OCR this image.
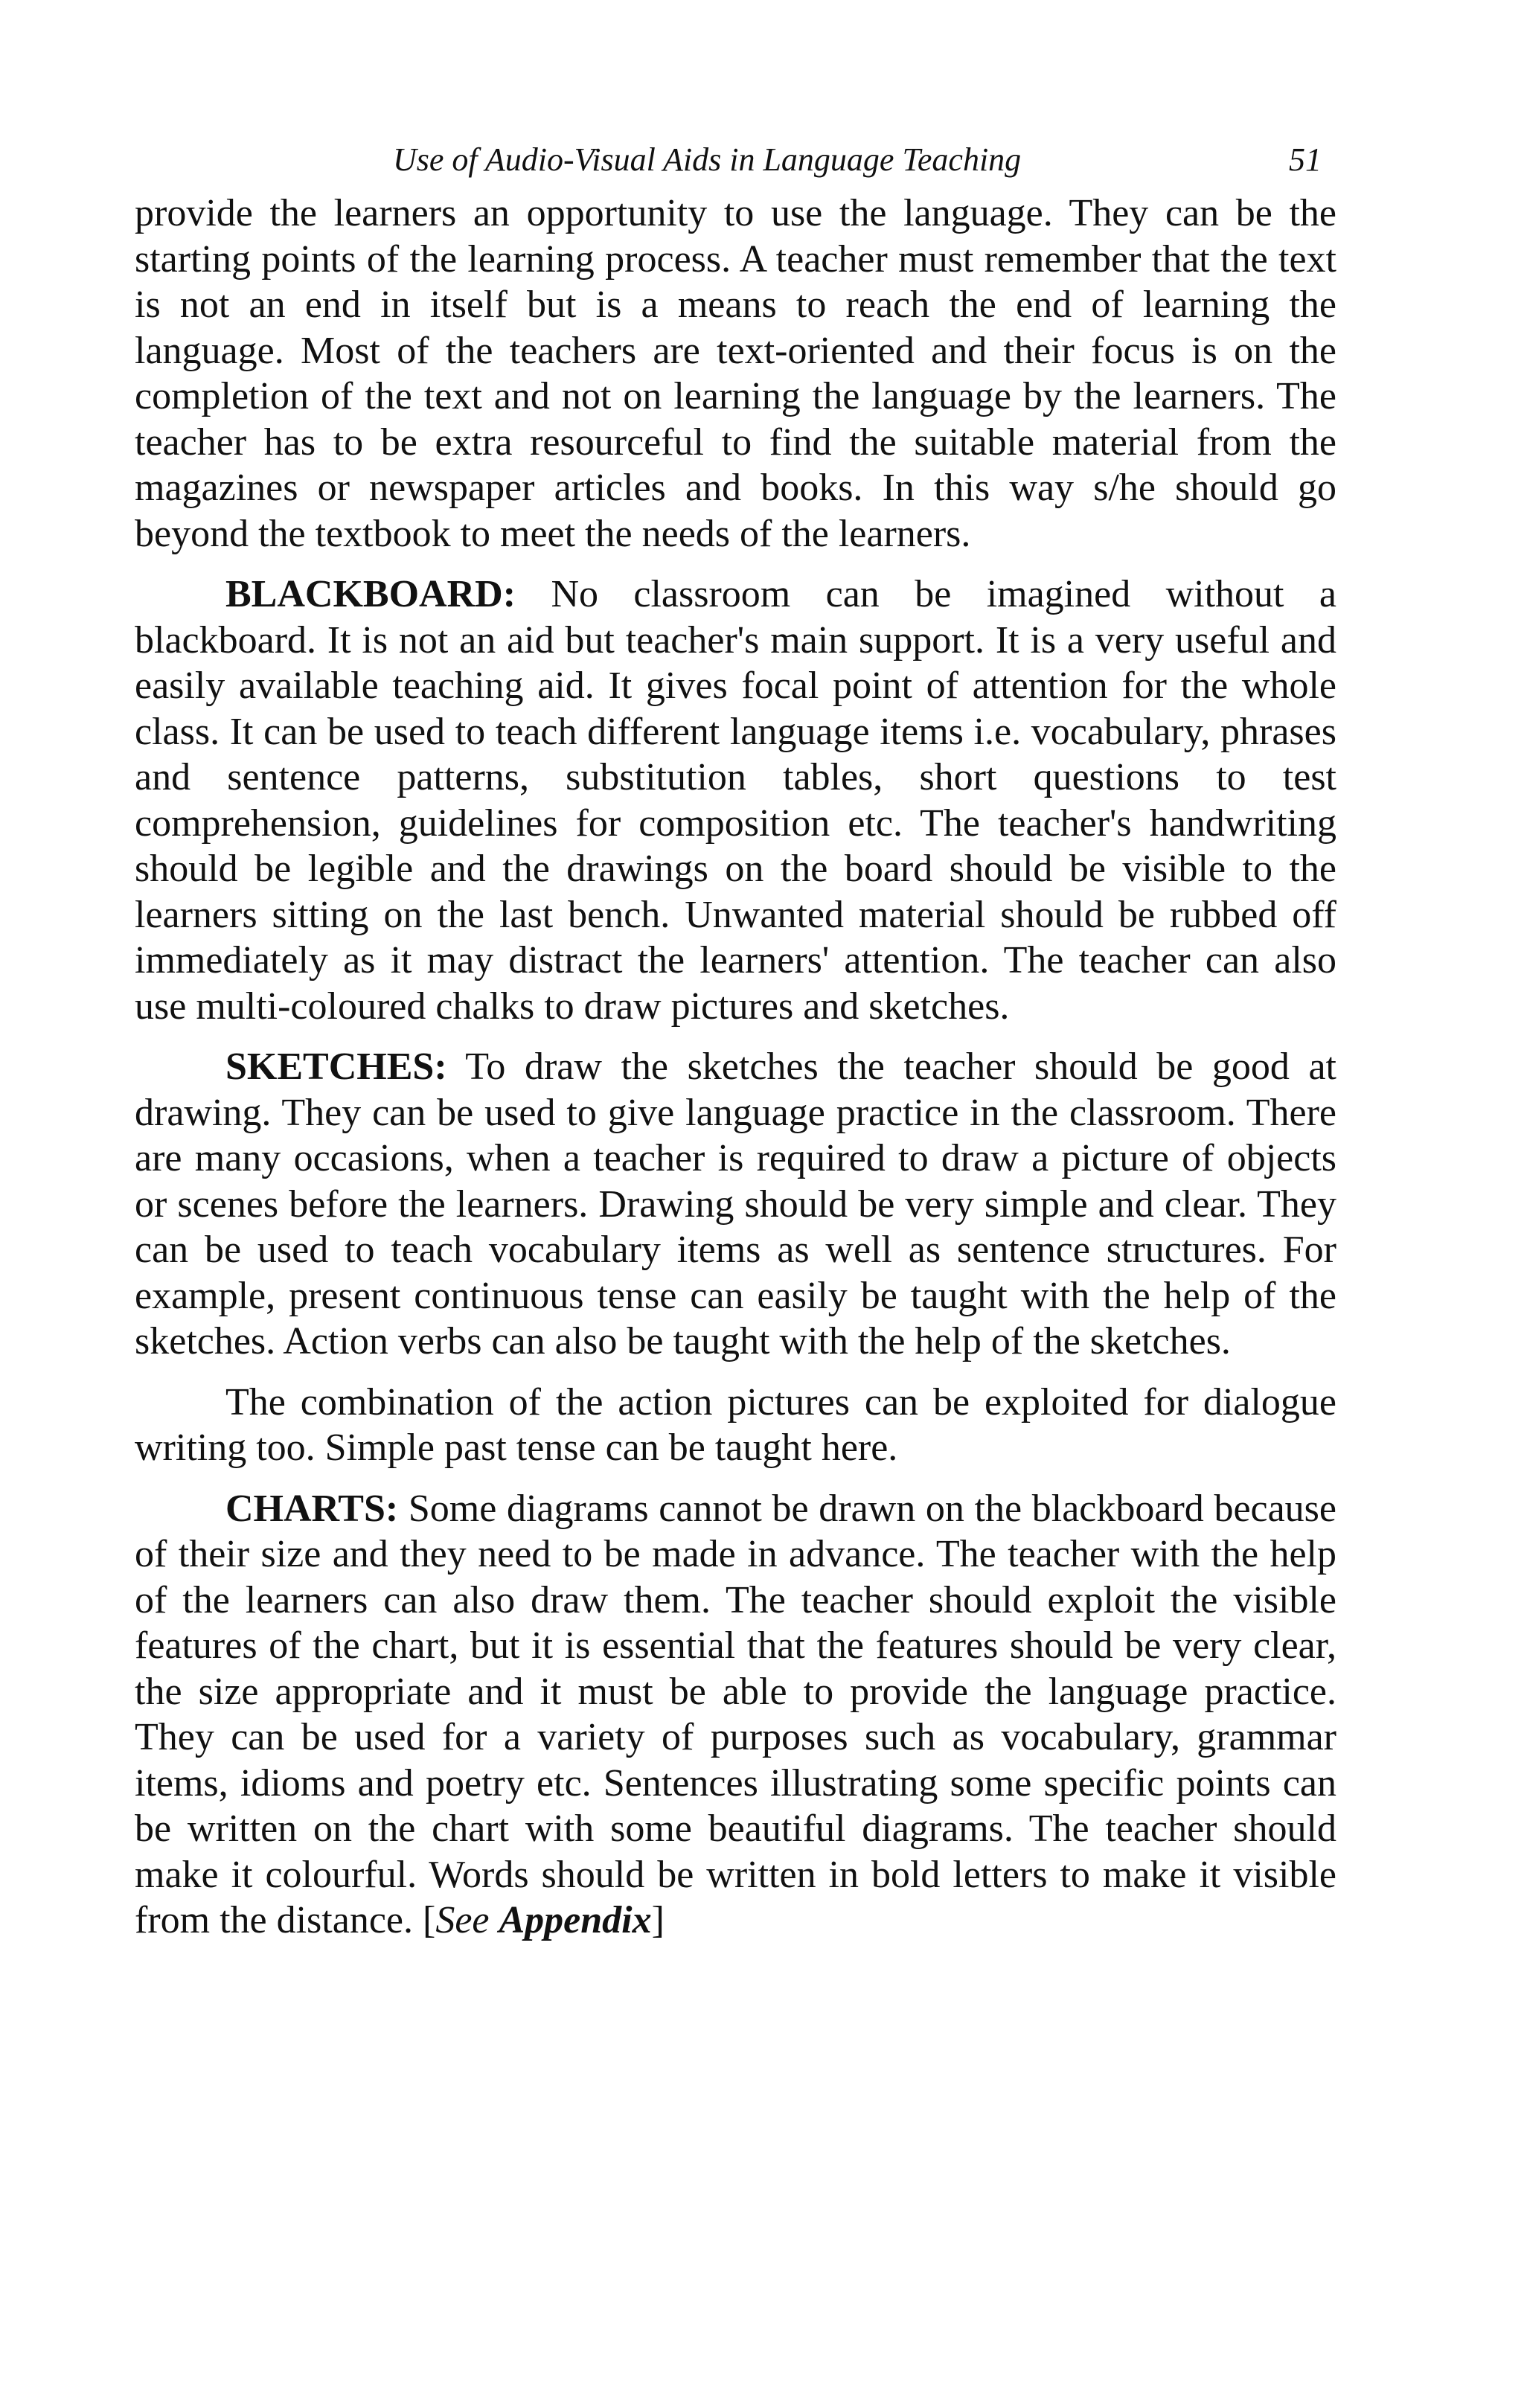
Use of Audio-Visual Aids in Language Teaching	51

provide the learners an opportunity to use the language. They can be the starting points of the learning process. A teacher must remember that the text is not an end in itself but is a means to reach the end of learning the language. Most of the teachers are text-oriented and their focus is on the completion of the text and not on learning the language by the learners. The teacher has to be extra resourceful to find the suitable material from the magazines or newspaper articles and books. In this way s/he should go beyond the textbook to meet the needs of the learners.

BLACKBOARD: No classroom can be imagined without a blackboard. It is not an aid but teacher's main support. It is a very useful and easily available teaching aid. It gives focal point of attention for the whole class. It can be used to teach different language items i.e. vocabulary, phrases and sentence patterns, substitution tables, short questions to test comprehension, guidelines for composition etc. The teacher's handwriting should be legible and the drawings on the board should be visible to the learners sitting on the last bench. Unwanted material should be rubbed off immediately as it may distract the learners' attention. The teacher can also use multi-coloured chalks to draw pictures and sketches.

SKETCHES: To draw the sketches the teacher should be good at drawing. They can be used to give language practice in the classroom. There are many occasions, when a teacher is required to draw a picture of objects or scenes before the learners. Drawing should be very simple and clear. They can be used to teach vocabulary items as well as sentence structures. For example, present continuous tense can easily be taught with the help of the sketches. Action verbs can also be taught with the help of the sketches.

The combination of the action pictures can be exploited for dialogue writing too. Simple past tense can be taught here.

CHARTS: Some diagrams cannot be drawn on the blackboard because of their size and they need to be made in advance. The teacher with the help of the learners can also draw them. The teacher should exploit the visible features of the chart, but it is essential that the features should be very clear, the size appropriate and it must be able to provide the language practice. They can be used for a variety of purposes such as vocabulary, grammar items, idioms and poetry etc. Sentences illustrating some specific points can be written on the chart with some beautiful diagrams. The teacher should make it colourful. Words should be written in bold letters to make it visible from the distance. [See Appendix]
